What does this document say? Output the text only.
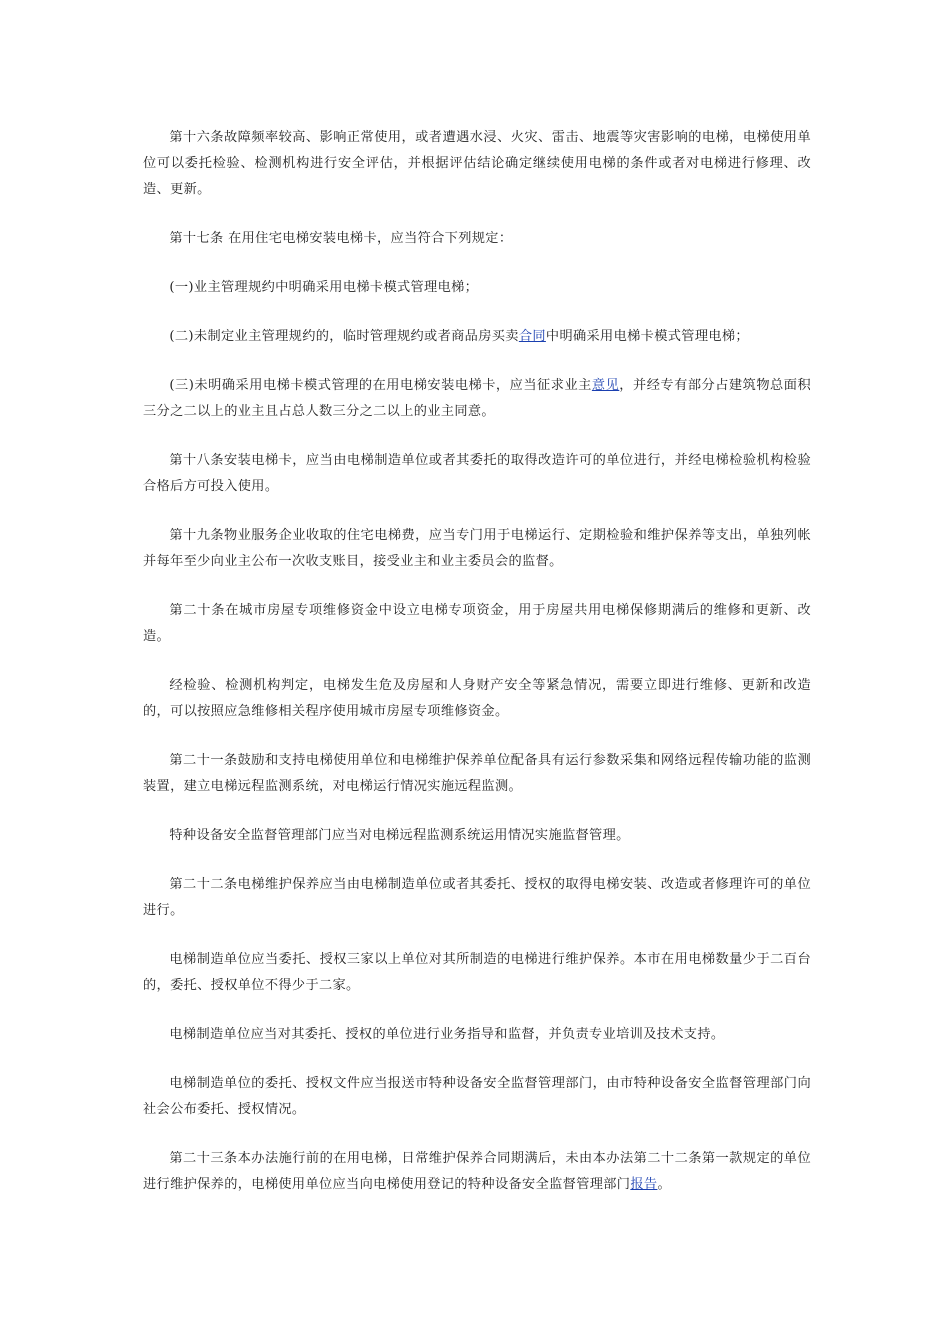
第十六条故障频率较高、影响正常使用，或者遭遇水浸、火灾、雷击、地震等灾害影响的电梯，电梯使用单位可以委托检验、检测机构进行安全评估，并根据评估结论确定继续使用电梯的条件或者对电梯进行修理、改造、更新。

第十七条 在用住宅电梯安装电梯卡，应当符合下列规定：

(一)业主管理规约中明确采用电梯卡模式管理电梯；

(二)未制定业主管理规约的，临时管理规约或者商品房买卖合同中明确采用电梯卡模式管理电梯；

(三)未明确采用电梯卡模式管理的在用电梯安装电梯卡，应当征求业主意见，并经专有部分占建筑物总面积三分之二以上的业主且占总人数三分之二以上的业主同意。

第十八条安装电梯卡，应当由电梯制造单位或者其委托的取得改造许可的单位进行，并经电梯检验机构检验合格后方可投入使用。

第十九条物业服务企业收取的住宅电梯费，应当专门用于电梯运行、定期检验和维护保养等支出，单独列帐并每年至少向业主公布一次收支账目，接受业主和业主委员会的监督。

第二十条在城市房屋专项维修资金中设立电梯专项资金，用于房屋共用电梯保修期满后的维修和更新、改造。

经检验、检测机构判定，电梯发生危及房屋和人身财产安全等紧急情况，需要立即进行维修、更新和改造的，可以按照应急维修相关程序使用城市房屋专项维修资金。

第二十一条鼓励和支持电梯使用单位和电梯维护保养单位配备具有运行参数采集和网络远程传输功能的监测装置，建立电梯远程监测系统，对电梯运行情况实施远程监测。

特种设备安全监督管理部门应当对电梯远程监测系统运用情况实施监督管理。

第二十二条电梯维护保养应当由电梯制造单位或者其委托、授权的取得电梯安装、改造或者修理许可的单位进行。

电梯制造单位应当委托、授权三家以上单位对其所制造的电梯进行维护保养。本市在用电梯数量少于二百台的，委托、授权单位不得少于二家。

电梯制造单位应当对其委托、授权的单位进行业务指导和监督，并负责专业培训及技术支持。

电梯制造单位的委托、授权文件应当报送市特种设备安全监督管理部门，由市特种设备安全监督管理部门向社会公布委托、授权情况。

第二十三条本办法施行前的在用电梯，日常维护保养合同期满后，未由本办法第二十二条第一款规定的单位进行维护保养的，电梯使用单位应当向电梯使用登记的特种设备安全监督管理部门报告。
